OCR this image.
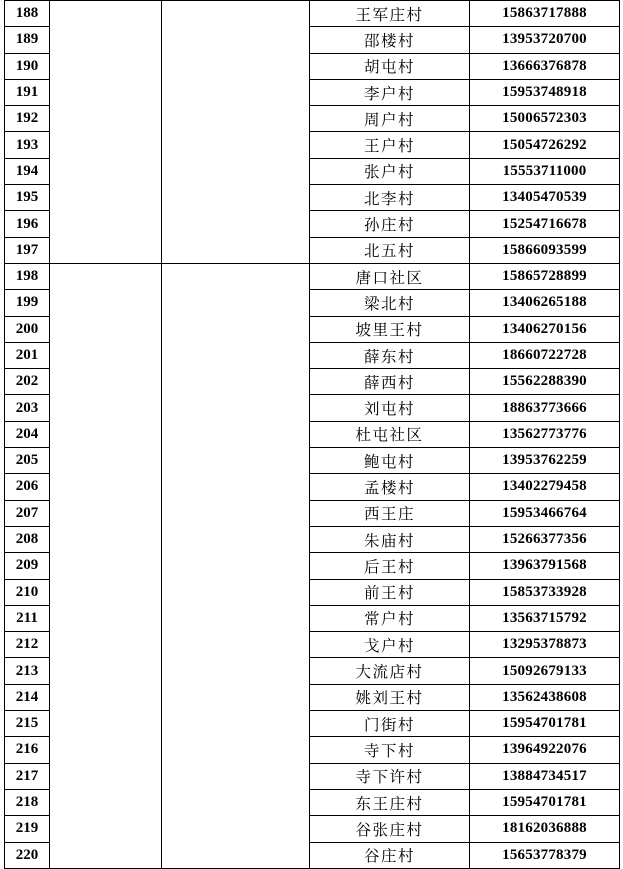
188			王军庄村	15863717888
189			邵楼村	13953720700
190			胡屯村	13666376878
191			李户村	15953748918
192			周户村	15006572303
193			王户村	15054726292
194			张户村	15553711000
195			北李村	13405470539
196			孙庄村	15254716678
197			北五村	15866093599
198			唐口社区	15865728899
199			梁北村	13406265188
200			坡里王村	13406270156
201			薛东村	18660722728
202			薛西村	15562288390
203			刘屯村	18863773666
204			杜屯社区	13562773776
205			鲍屯村	13953762259
206			孟楼村	13402279458
207			西王庄	15953466764
208			朱庙村	15266377356
209			后王村	13963791568
210			前王村	15853733928
211			常户村	13563715792
212			戈户村	13295378873
213			大流店村	15092679133
214			姚刘王村	13562438608
215			门街村	15954701781
216			寺下村	13964922076
217			寺下许村	13884734517
218			东王庄村	15954701781
219			谷张庄村	18162036888
220			谷庄村	15653778379
